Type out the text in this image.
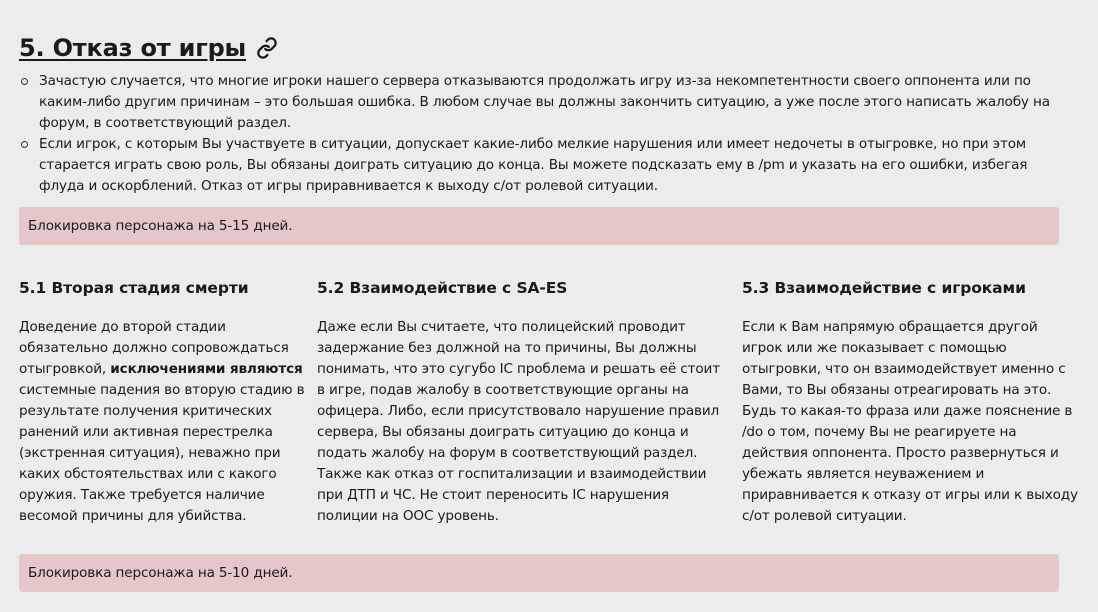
5. Отказ от игры
Зачастую случается, что многие игроки нашего сервера отказываются продолжать игру из-за некомпетентности своего оппонента или по каким-либо другим причинам – это большая ошибка. В любом случае вы должны закончить ситуацию, а уже после этого написать жалобу на форум, в соответствующий раздел.
Если игрок, с которым Вы участвуете в ситуации, допускает какие-либо мелкие нарушения или имеет недочеты в отыгровке, но при этом старается играть свою роль, Вы обязаны доиграть ситуацию до конца. Вы можете подсказать ему в /pm и указать на его ошибки, избегая флуда и оскорблений. Отказ от игры приравнивается к выходу с/от ролевой ситуации.
Блокировка персонажа на 5-15 дней.
5.1 Вторая стадия смерти

Доведение до второй стадии обязательно должно сопровождаться отыгровкой, исключениями являются системные падения во вторую стадию в результате получения критических ранений или активная перестрелка (экстренная ситуация), неважно при каких обстоятельствах или с какого оружия. Также требуется наличие весомой причины для убийства.

5.2 Взаимодействие с SA-ES

Даже если Вы считаете, что полицейский проводит задержание без должной на то причины, Вы должны понимать, что это сугубо IC проблема и решать её стоит в игре, подав жалобу в соответствующие органы на офицера. Либо, если присутствовало нарушение правил сервера, Вы обязаны доиграть ситуацию до конца и подать жалобу на форум в соответствующий раздел. Также как отказ от госпитализации и взаимодействии при ДТП и ЧС. Не стоит переносить IC нарушения полиции на ООС уровень.

5.3 Взаимодействие с игроками

Если к Вам напрямую обращается другой игрок или же показывает с помощью отыгровки, что он взаимодействует именно с Вами, то Вы обязаны отреагировать на это. Будь то какая-то фраза или даже пояснение в /do о том, почему Вы не реагируете на действия оппонента. Просто развернуться и убежать является неуважением и приравнивается к отказу от игры или к выходу с/от ролевой ситуации.

Блокировка персонажа на 5-10 дней.
